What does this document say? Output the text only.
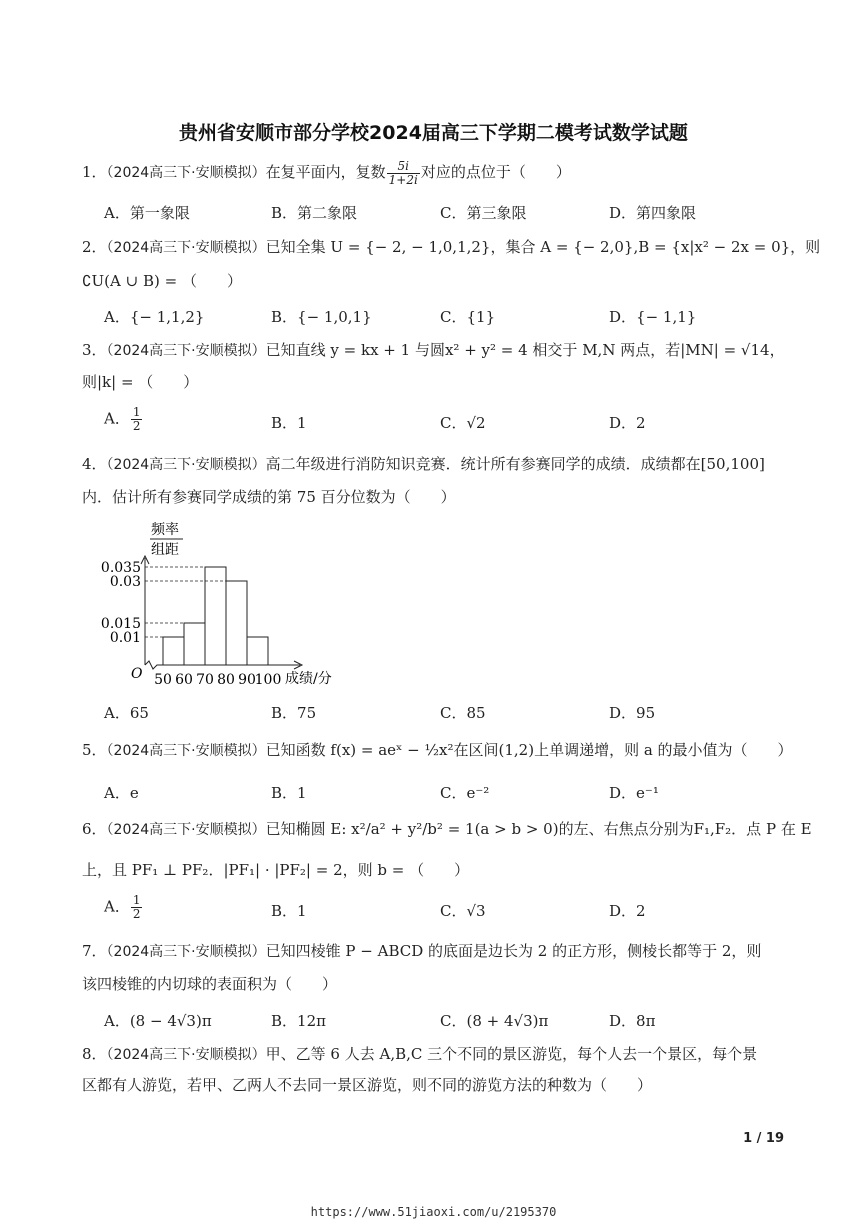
贵州省安顺市部分学校2024届高三下学期二模考试数学试题
1．（2024高三下·安顺模拟）在复平面内，复数 $\frac{5i}{1+2i}$ 对应的点位于（　　）
A．第一象限	B．第二象限	C．第三象限	D．第四象限
2．（2024高三下·安顺模拟）已知全集 U = {− 2, − 1,0,1,2}，集合 A = {− 2,0},B = {x|x² − 2x = 0}，则
∁U(A ∪ B) = （　　）
A．{− 1,1,2}	B．{− 1,0,1}	C．{1}	D．{− 1,1}
3．（2024高三下·安顺模拟）已知直线 y = kx + 1 与圆x² + y² = 4 相交于 M,N 两点，若|MN| = √14，
则|k| = （　　）
A． $\frac{1}{2}$	B．1	C．√2	D．2
4．（2024高三下·安顺模拟）高二年级进行消防知识竞赛．统计所有参赛同学的成绩．成绩都在[50,100]
内．估计所有参赛同学成绩的第 75 百分位数为（　　）
频率
组距
0.035
0.03
0.015
0.01
50 60 70 80 90
100
O	成绩/分
A．65	B．75	C．85	D．95
5．（2024高三下·安顺模拟）已知函数 f(x) = aeˣ − ½x²在区间(1,2)上单调递增，则 a 的最小值为（　　）
A．e	B．1	C．e⁻²	D．e⁻¹
6．（2024高三下·安顺模拟）已知椭圆 E: x²/a² + y²/b² = 1(a > b > 0)的左、右焦点分别为F₁,F₂．点 P 在 E
上，且 PF₁ ⊥ PF₂．|PF₁| · |PF₂| = 2，则 b = （　　）
A． $\frac{1}{2}$	B．1	C．√3	D．2
7．（2024高三下·安顺模拟）已知四棱锥 P − ABCD 的底面是边长为 2 的正方形，侧棱长都等于 2，则
该四棱锥的内切球的表面积为（　　）
A．(8 − 4√3)π	B．12π	C．(8 + 4√3)π	D．8π
8．（2024高三下·安顺模拟）甲、乙等 6 人去 A,B,C 三个不同的景区游览，每个人去一个景区，每个景
区都有人游览，若甲、乙两人不去同一景区游览，则不同的游览方法的种数为（　　）
1 / 19
https://www.51jiaoxi.com/u/2195370
